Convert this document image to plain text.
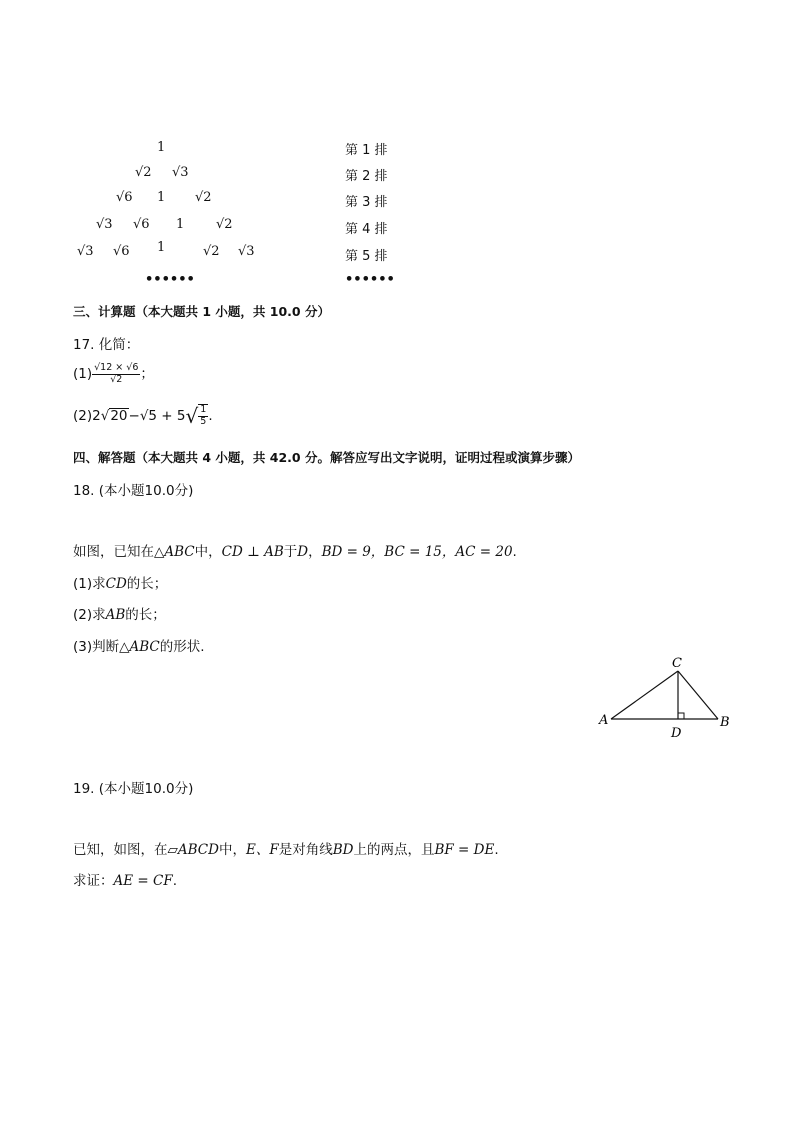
1
√2 √3
√6 1 √2
√3 √6 1 √2
√3 √6 1	√2 √3
••••••
第 1 排
第 2 排
第 3 排
第 4 排
第 5 排
••••••
三、计算题（本大题共 1 小题，共 10.0 分）
17. 化简：
$(1) \frac{√12 \times √6}{√2}$ ；
$(2)2√20-√5 + 5√ \frac{1}{5}$ .
四、解答题（本大题共 4 小题，共 42.0 分。解答应写出文字说明，证明过程或演算步骤）
18. (本小题10.0分)
如图，已知在△ABC中，CD ⊥ AB于D，BD = 9，BC = 15，AC = 20.
(1)求CD的长；
(2)求AB的长；
(3)判断△ABC的形状.
A	B
C
D
19. (本小题10.0分)
已知，如图，在▱ABCD中，E、F是对角线BD上的两点，且BF = DE.
求证：AE = CF.
